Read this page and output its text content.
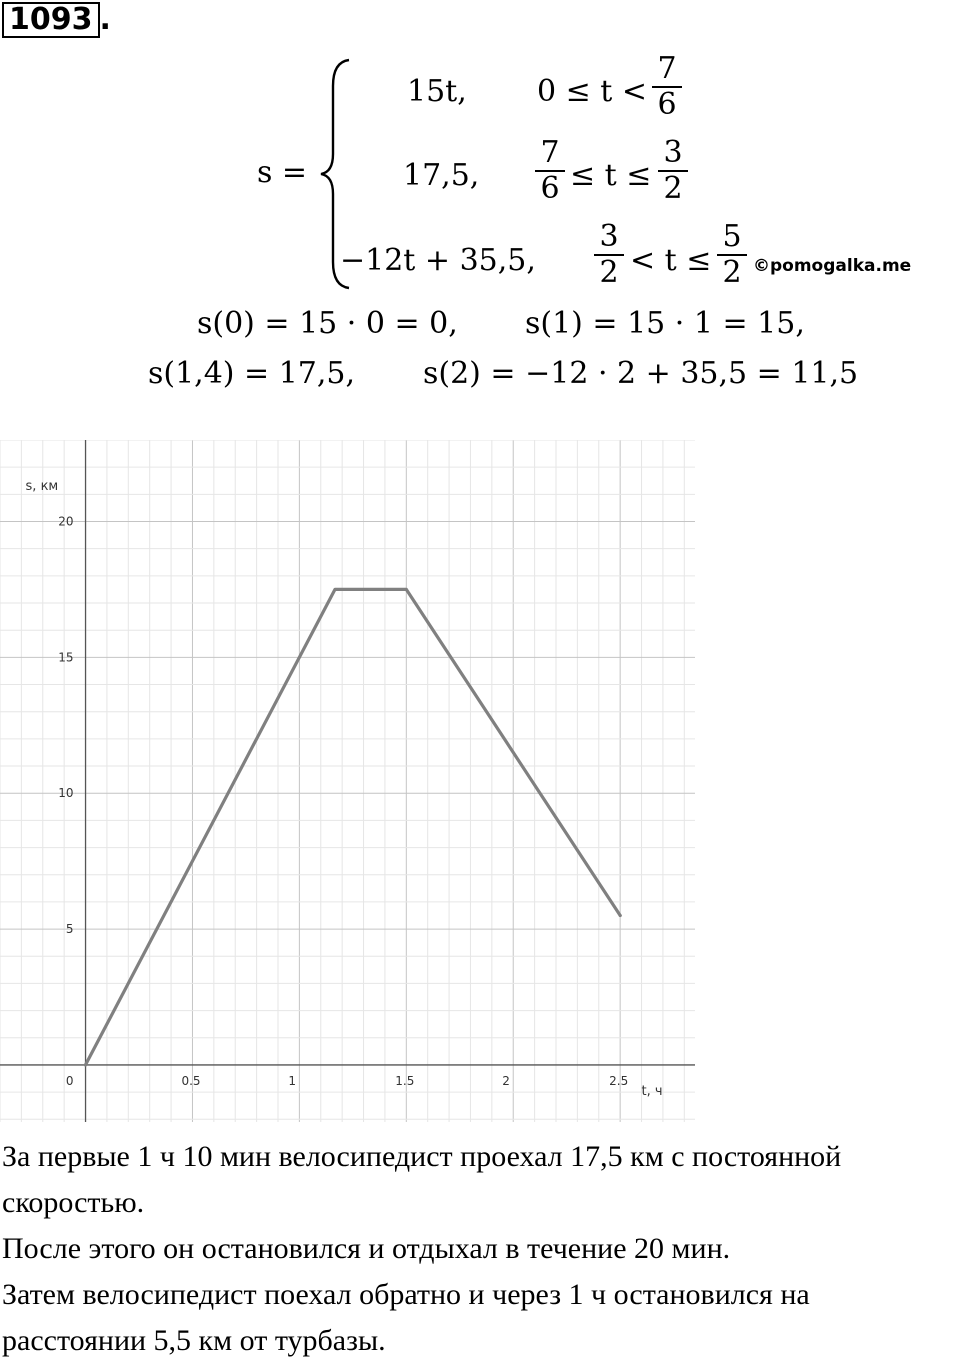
1093 .
s =
15t, $0 \le t < \frac{7}{6}$
17,5, $\frac{7}{6} \le t \le \frac{3}{2}$
−12t + 35,5, $\frac{3}{2} < t \le \frac{5}{2}$ ©pomogalka.me
s(0) = 15 · 0 = 0, s(1) = 15 · 1 = 15,
s(1,4) = 17,5, s(2) = −12 · 2 + 35,5 = 11,5
0.5	1	1.5	2	2.5
5
10
15
20
0
s, км
t, ч

За первые 1 ч 10 мин велосипедист проехал 17,5 км с постоянной скоростью.

После этого он остановился и отдыхал в течение 20 мин.

Затем велосипедист поехал обратно и через 1 ч остановился на расстоянии 5,5 км от турбазы.
